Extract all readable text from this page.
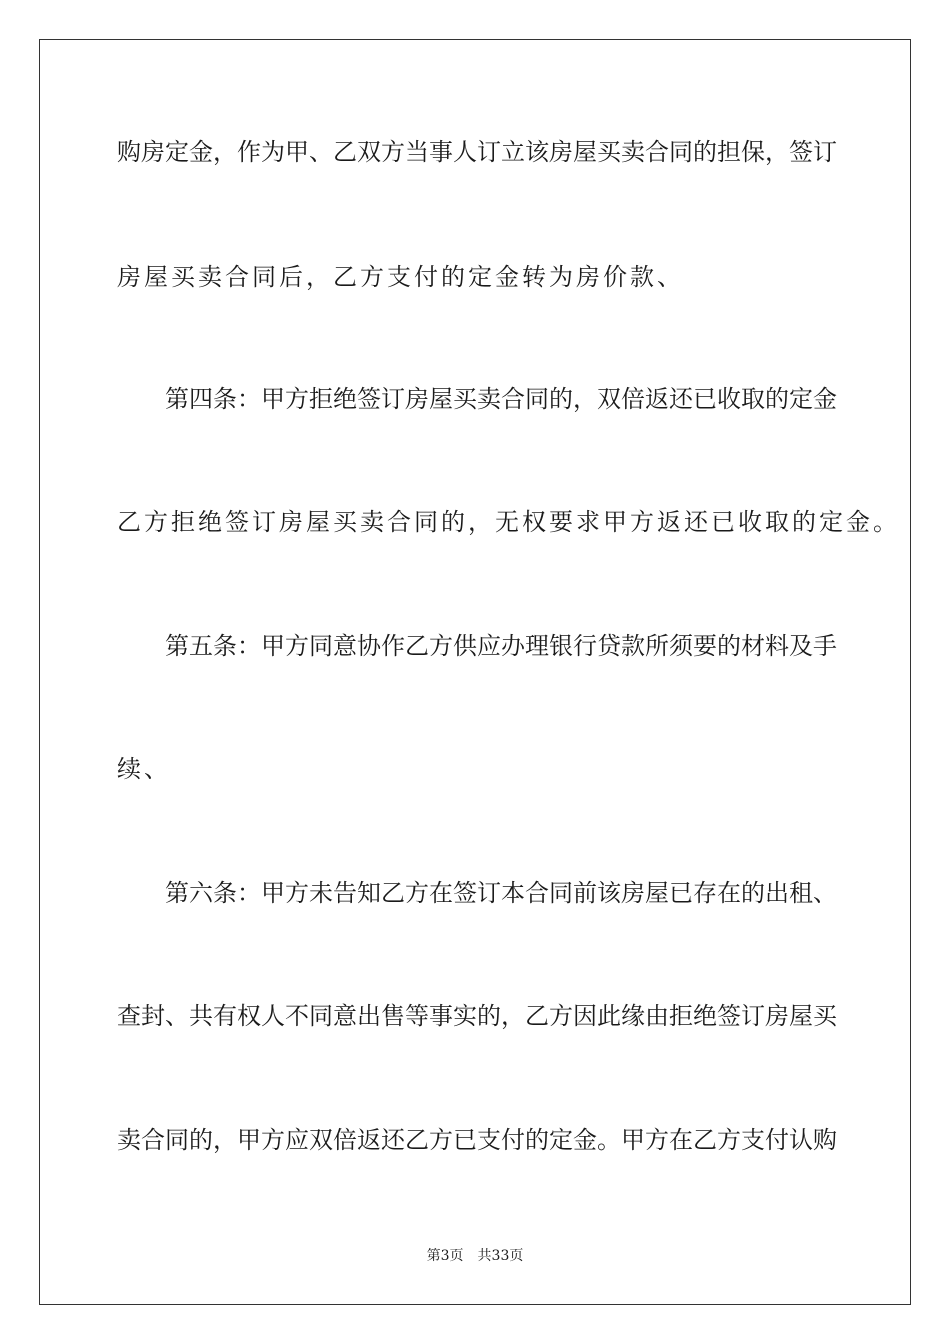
购房定金，作为甲、乙双方当事人订立该房屋买卖合同的担保，签订
房屋买卖合同后，乙方支付的定金转为房价款、
第四条：甲方拒绝签订房屋买卖合同的，双倍返还已收取的定金
乙方拒绝签订房屋买卖合同的，无权要求甲方返还已收取的定金。
第五条：甲方同意协作乙方供应办理银行贷款所须要的材料及手
续、
第六条：甲方未告知乙方在签订本合同前该房屋已存在的出租、
查封、共有权人不同意出售等事实的，乙方因此缘由拒绝签订房屋买
卖合同的，甲方应双倍返还乙方已支付的定金。甲方在乙方支付认购
第3页 共33页
